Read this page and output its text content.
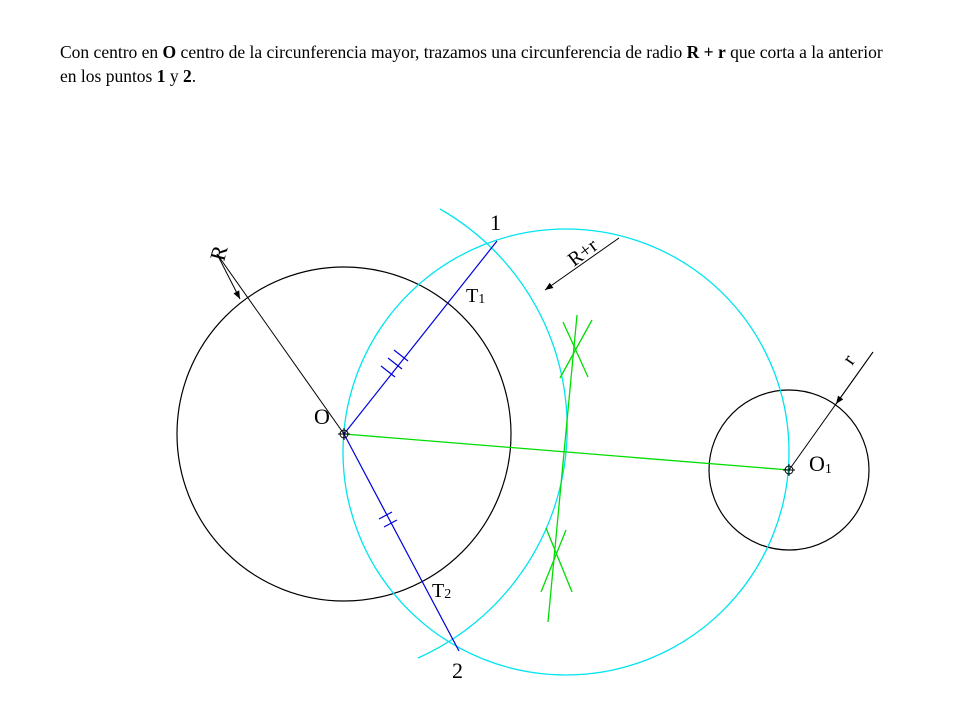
Con centro en O centro de la circunferencia mayor, trazamos una circunferencia de radio R + r que corta a la anterior en los puntos 1 y 2.
R	R+r
r
O
O1
T1
T2
1
2
